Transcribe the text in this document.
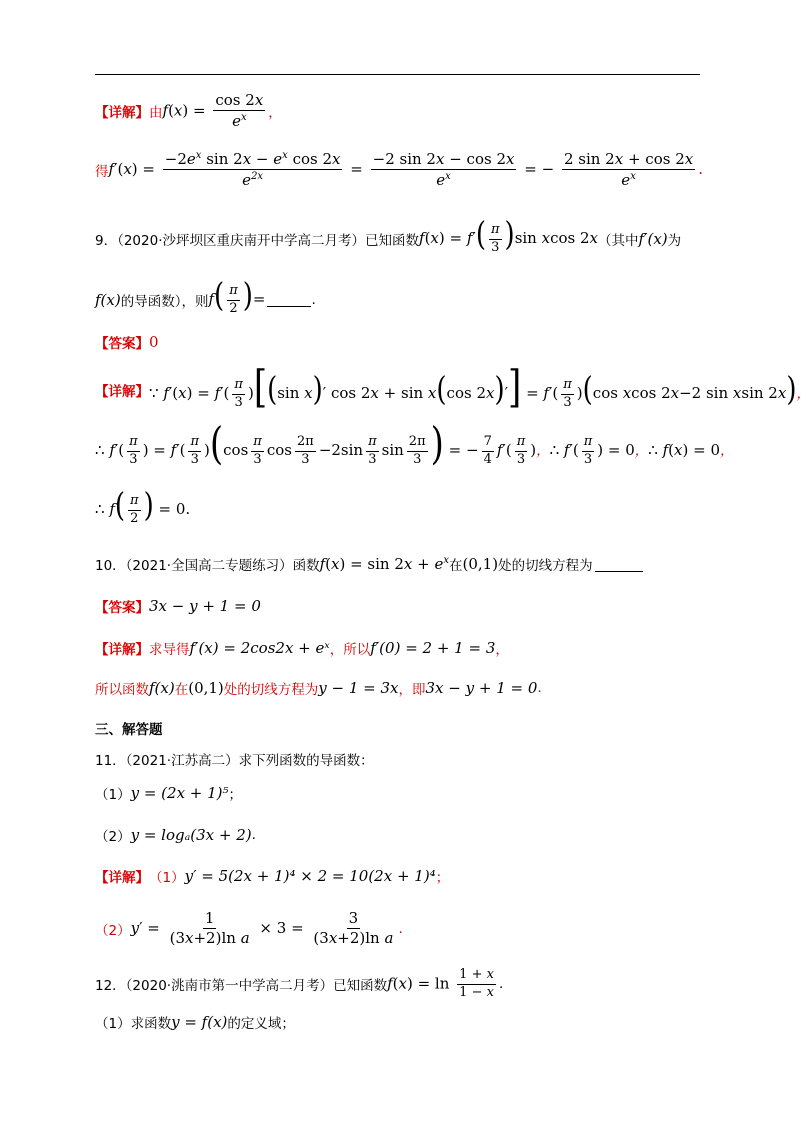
【详解】 由 $f(x) = \frac{\cos 2x}{e^x}$ ，
得 $f'(x) = \frac{-2e^x \sin 2x - e^x \cos 2x}{e^{2x}} = \frac{-2 \sin 2x - \cos 2x}{e^x}$ = − $\frac{2 \sin 2x + \cos 2x}{e^x}$ .
9．（2020·沙坪坝区重庆南开中学高二月考）已知函数 $f(x) = f'( \frac{\pi}{3} )\sin$ xcos 2x （其中 f′(x) 为
f(x) 的导函数），则 $f( \frac{\pi}{2}$ )=	.
【答案】 0
【详解】 ∵ $f'(x) = f'( \frac{\pi}{3} )[(\sin$ x)′ cos 2x + sin x(cos $2x)'] = f'( \frac{\pi}{3} )(\cos$ xcos 2x−2 sin xsin 2x)，
∴ $f'( \frac{\pi}{3}$ ) = $f'( \frac{\pi}{3} )(\cos \frac{\pi}{3}$ $\cos \frac{2\pi}{3} -2\sin \frac{\pi}{3}$ $\sin \frac{2\pi}{3}$ ) = − $\frac{7}{4} f'( \frac{\pi}{3}$ )，∴ $f'( \frac{\pi}{3}$ ) = 0，∴ f(x) = 0，
∴ $f( \frac{\pi}{2}$ ) = 0.
10．（2021·全国高二专题练习）函数 $f(x) = \sin 2x + e^x$ 在 (0,1) 处的切线方程为
【答案】 3x − y + 1 = 0
【详解】 求导得 f′(x) = 2cos2x + eˣ ，所以 f′(0) = 2 + 1 = 3 ，
所以函数 f(x) 在 (0,1) 处的切线方程为 y − 1 = 3x ，即 3x − y + 1 = 0 .
三、解答题
11．（2021·江苏高二）求下列函数的导函数：
（1） y = (2x + 1)⁵ ；
（2） y = logₐ(3x + 2) .
【详解】 （1） y′ = 5(2x + 1)⁴ × 2 = 10(2x + 1)⁴ ；
（2） $y' = \frac{1}{\text{(3x+2)ln a}} \times 3 = \frac{3}{\text{(3x+2)ln a}}$ .
12．（2020·洮南市第一中学高二月考）已知函数 $f(x) = \ln \frac{1 + x}{1 - x}$ .
（1）求函数 y = f(x) 的定义域；
